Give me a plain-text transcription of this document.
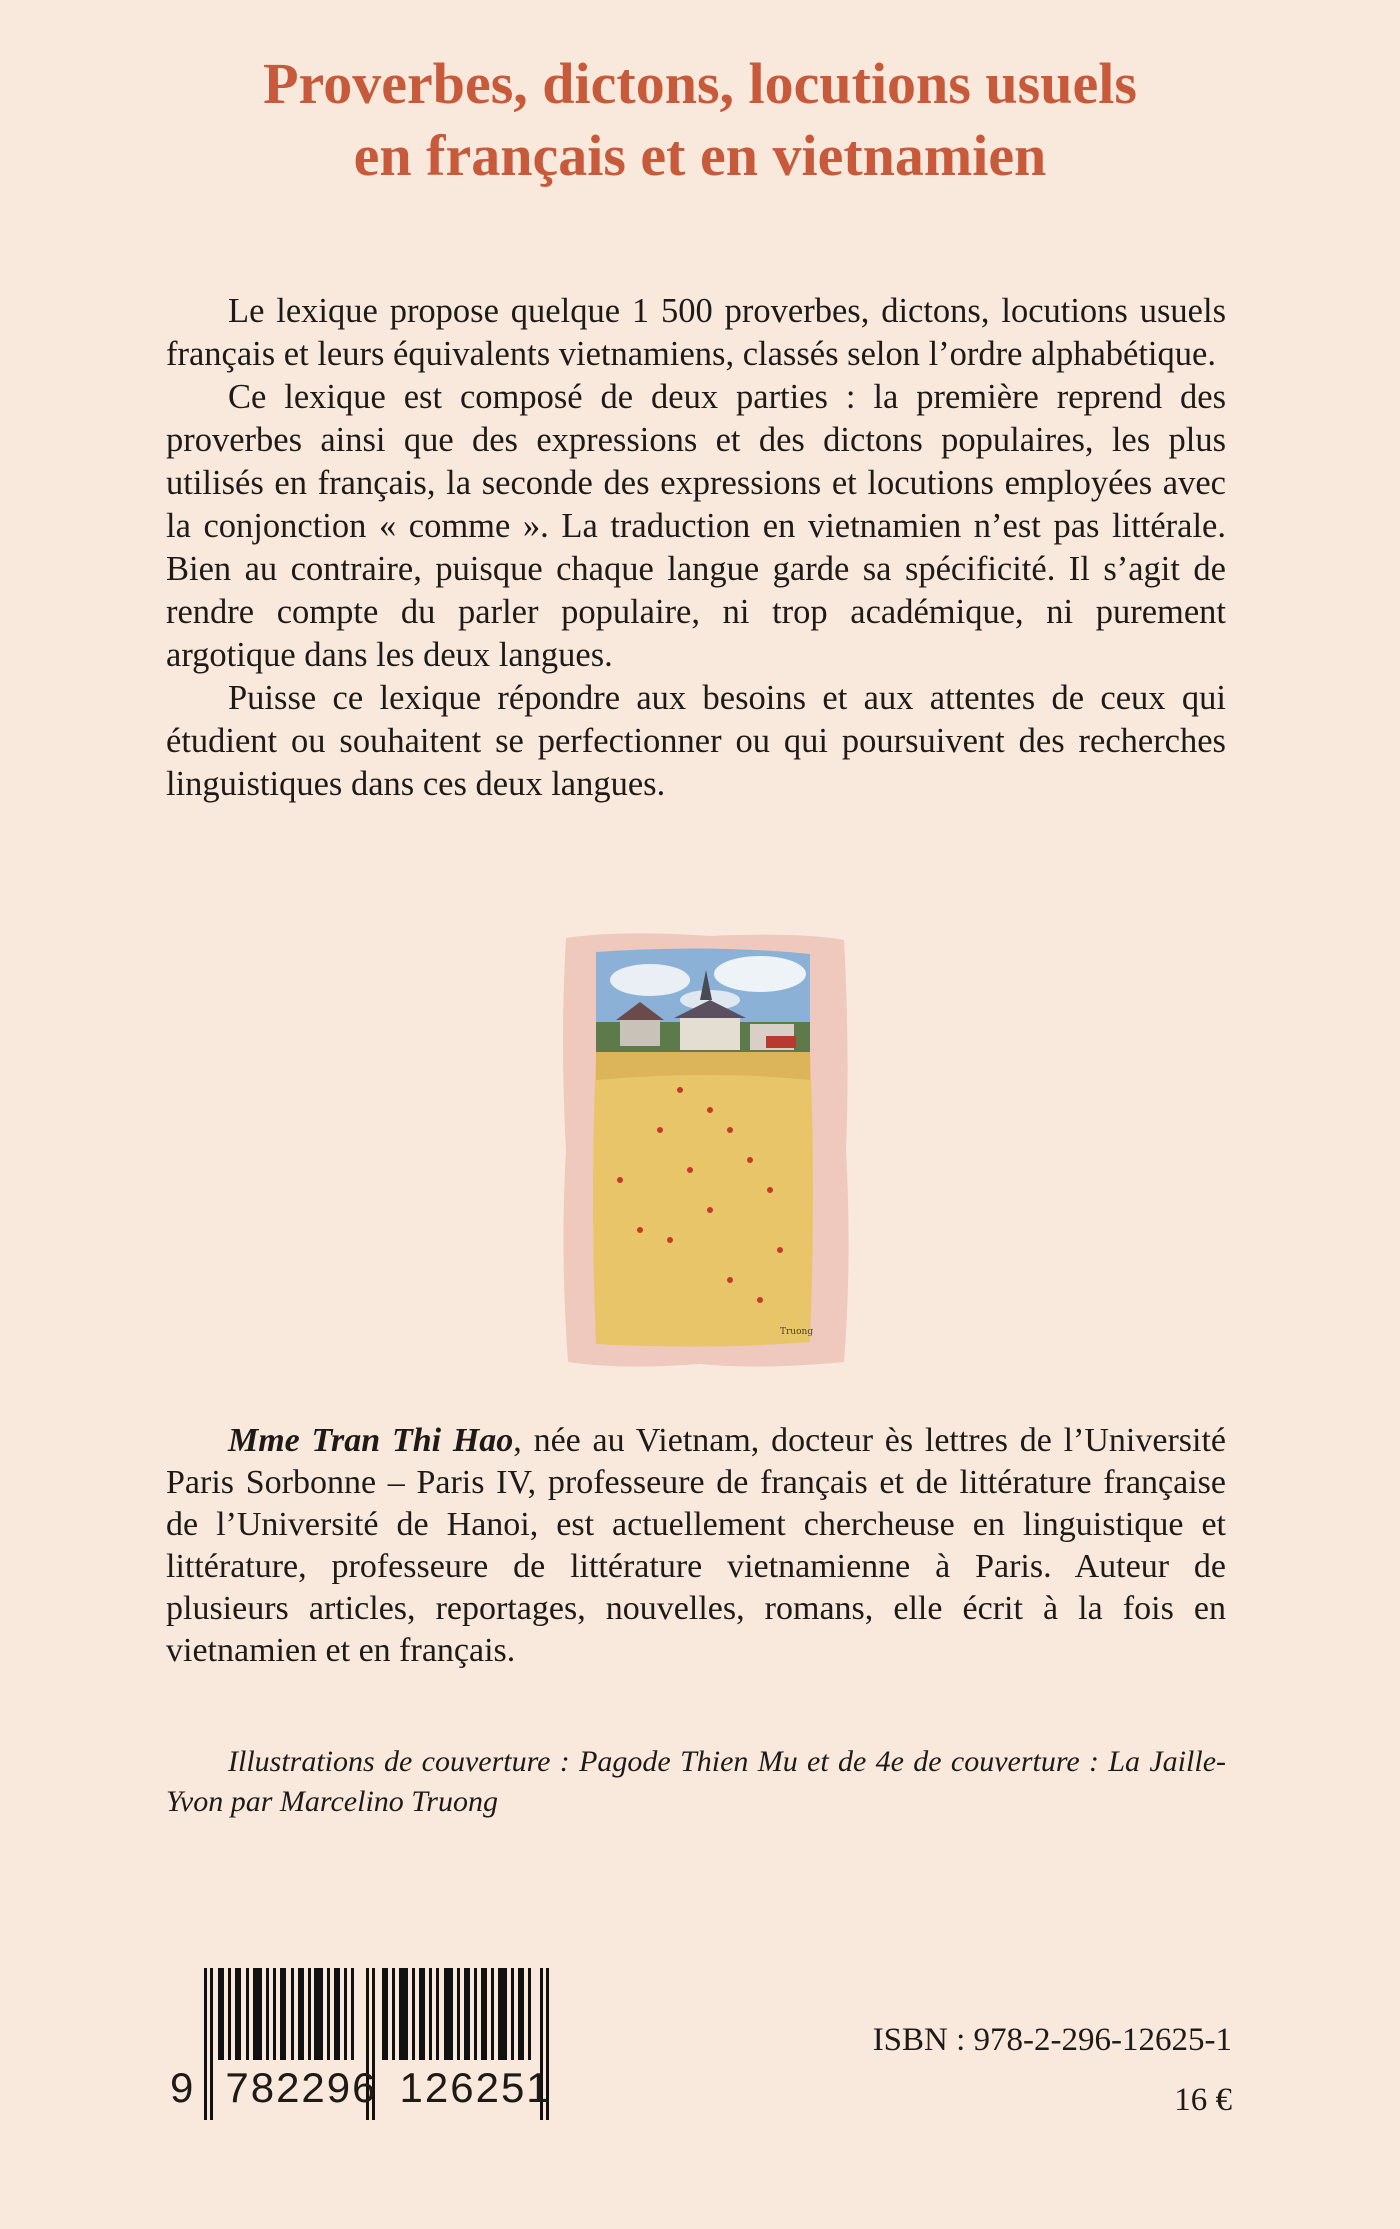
Proverbes, dictons, locutions usuels
en français et en vietnamien

Le lexique propose quelque 1 500 proverbes, dictons, locutions usuels français et leurs équivalents vietnamiens, classés selon l’ordre alphabétique.

Ce lexique est composé de deux parties : la première reprend des proverbes ainsi que des expressions et des dictons populaires, les plus utilisés en français, la seconde des expressions et locutions employées avec la conjonction « comme ». La traduction en vietnamien n’est pas littérale. Bien au contraire, puisque chaque langue garde sa spécificité. Il s’agit de rendre compte du parler populaire, ni trop académique, ni purement argotique dans les deux langues.

Puisse ce lexique répondre aux besoins et aux attentes de ceux qui étudient ou souhaitent se perfectionner ou qui poursuivent des recherches linguistiques dans ces deux langues.

Truong

Mme Tran Thi Hao, née au Vietnam, docteur ès lettres de l’Université Paris Sorbonne – Paris IV, professeure de français et de littérature française de l’Université de Hanoi, est actuellement chercheuse en linguistique et littérature, professeure de littérature vietnamienne à Paris. Auteur de plusieurs articles, reportages, nouvelles, romans, elle écrit à la fois en vietnamien et en français.

Illustrations de couverture : Pagode Thien Mu et de 4e de couverture : La Jaille-Yvon par Marcelino Truong

9 782296 126251
ISBN : 978-2-296-12625-1
16 €
